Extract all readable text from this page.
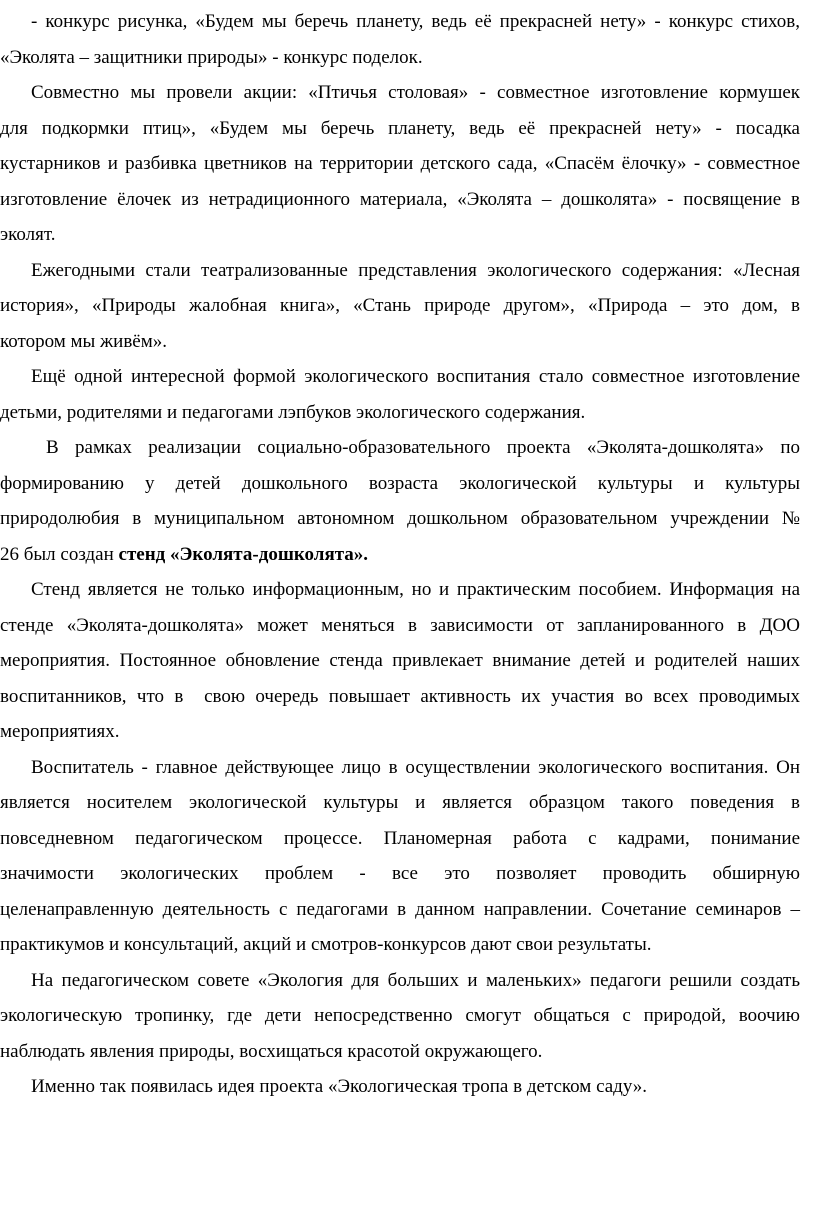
- конкурс рисунка, «Будем мы беречь планету, ведь её прекрасней нету» - конкурс стихов,
«Эколята – защитники природы» - конкурс поделок.
Совместно мы провели акции: «Птичья столовая» - совместное изготовление кормушек
для подкормки птиц», «Будем мы беречь планету, ведь её прекрасней нету» - посадка
кустарников и разбивка цветников на территории детского сада, «Спасём ёлочку» - совместное
изготовление ёлочек из нетрадиционного материала, «Эколята – дошколята» - посвящение в
эколят.
Ежегодными стали театрализованные представления экологического содержания: «Лесная
история», «Природы жалобная книга», «Стань природе другом», «Природа – это дом, в
котором мы живём».
Ещё одной интересной формой экологического воспитания стало совместное изготовление
детьми, родителями и педагогами лэпбуков экологического содержания.
В рамках реализации социально-образовательного проекта «Эколята-дошколята» по
формированию у детей дошкольного возраста экологической культуры и культуры
природолюбия в муниципальном автономном дошкольном образовательном учреждении №
26 был создан стенд «Эколята-дошколята».
Стенд является не только информационным, но и практическим пособием. Информация на
стенде «Эколята-дошколята» может меняться в зависимости от запланированного в ДОО
мероприятия. Постоянное обновление стенда привлекает внимание детей и родителей наших
воспитанников, что в  свою очередь повышает активность их участия во всех проводимых
мероприятиях.
Воспитатель - главное действующее лицо в осуществлении экологического воспитания. Он
является носителем экологической культуры и является образцом такого поведения в
повседневном педагогическом процессе. Планомерная работа с кадрами, понимание
значимости экологических проблем - все это позволяет проводить обширную
целенаправленную деятельность с педагогами в данном направлении. Сочетание семинаров –
практикумов и консультаций, акций и смотров-конкурсов дают свои результаты.
На педагогическом совете «Экология для больших и маленьких» педагоги решили создать
экологическую тропинку, где дети непосредственно смогут общаться с природой, воочию
наблюдать явления природы, восхищаться красотой окружающего.
Именно так появилась идея проекта «Экологическая тропа в детском саду».
